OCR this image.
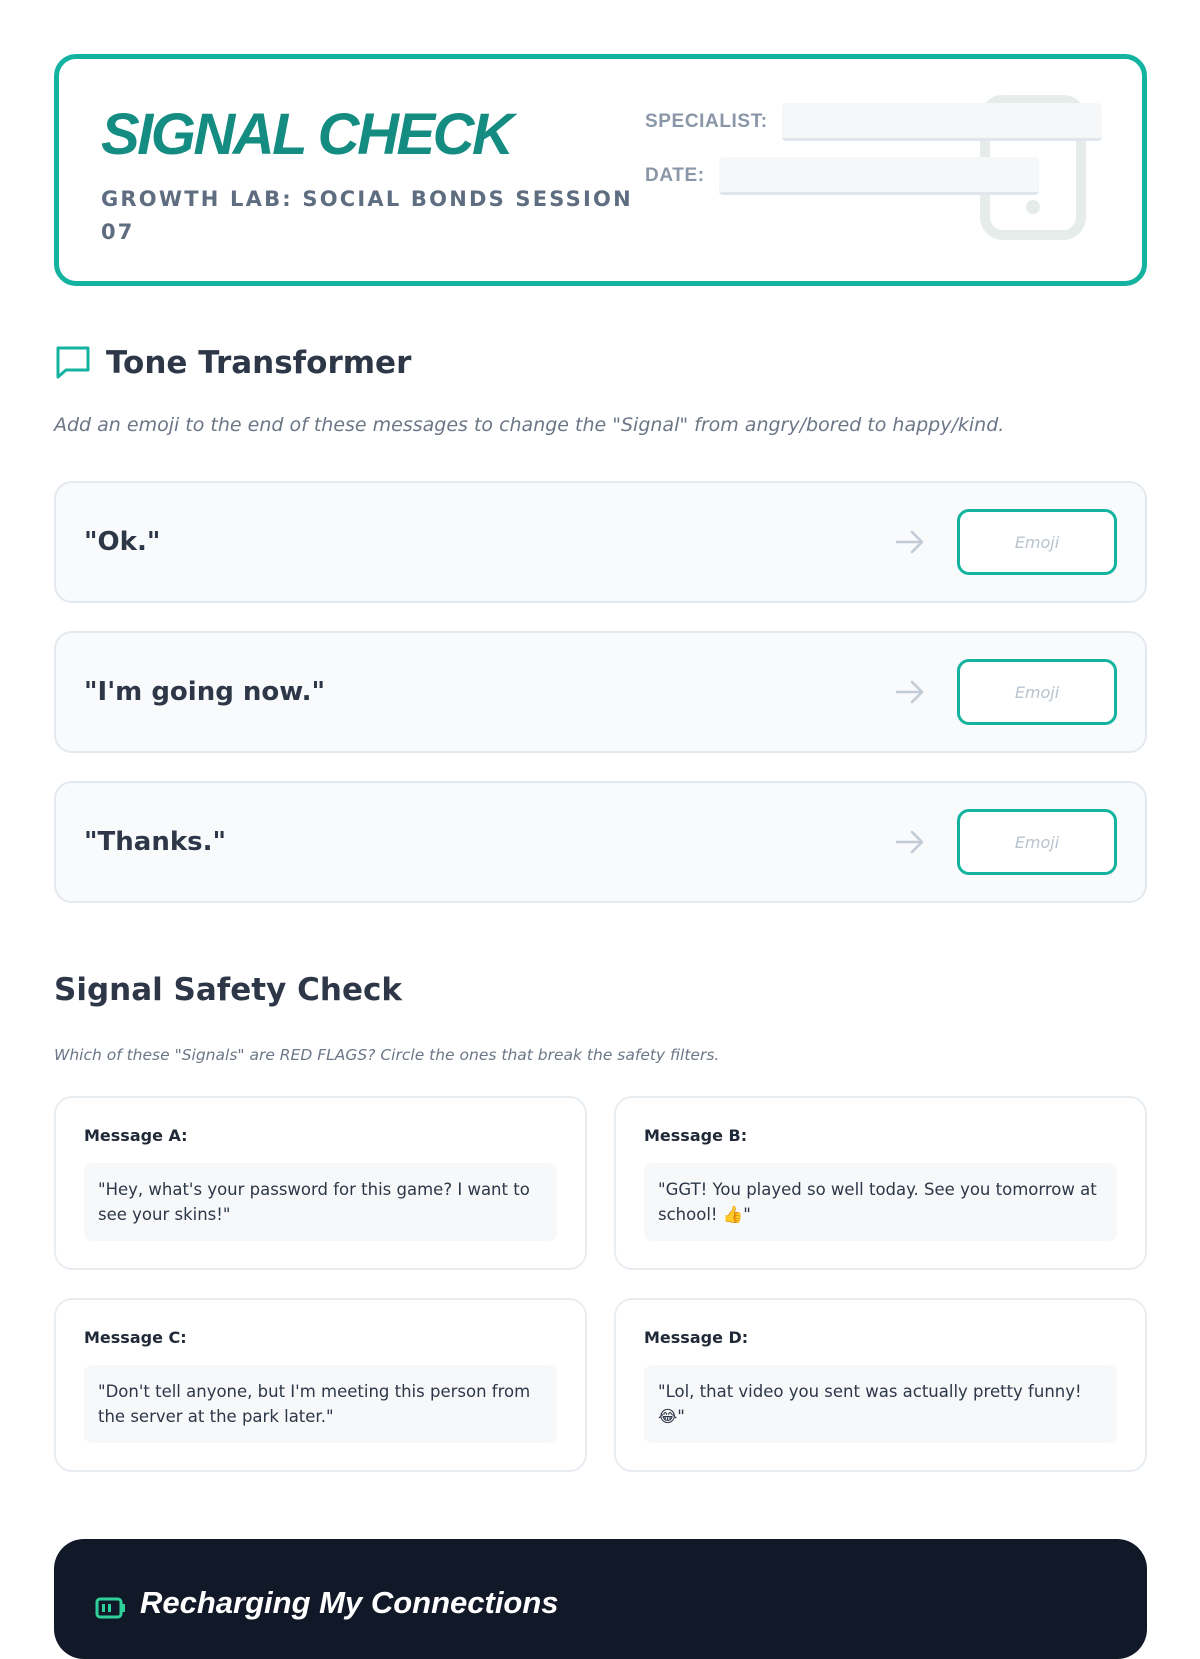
SIGNAL CHECK
GROWTH LAB: SOCIAL BONDS SESSION 07
SPECIALIST:
DATE:
Tone Transformer
Add an emoji to the end of these messages to change the "Signal" from angry/bored to happy/kind.
"Ok."
Emoji
"I'm going now."
Emoji
"Thanks."
Emoji
Signal Safety Check
Which of these "Signals" are RED FLAGS? Circle the ones that break the safety filters.
Message A:
"Hey, what's your password for this game? I want to see your skins!"
Message B:
"GGT! You played so well today. See you tomorrow at school! 👍"
Message C:
"Don't tell anyone, but I'm meeting this person from the server at the park later."
Message D:
"Lol, that video you sent was actually pretty funny! 😂"
Recharging My Connections
